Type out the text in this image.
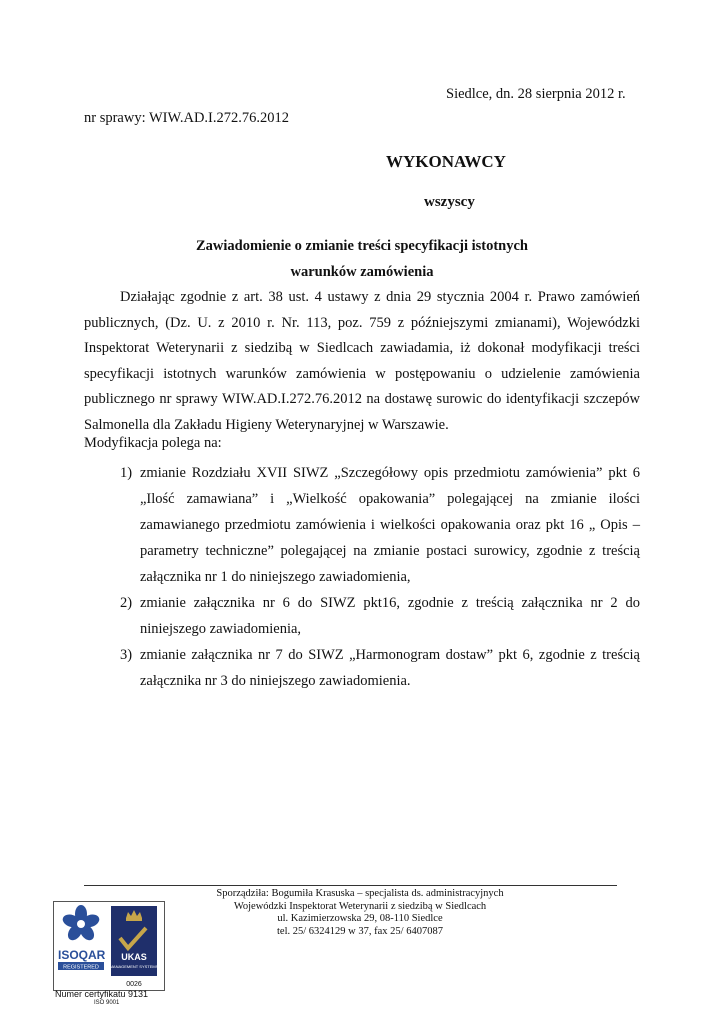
Siedlce, dn. 28 sierpnia 2012 r.
nr sprawy: WIW.AD.I.272.76.2012
WYKONAWCY
wszyscy
Zawiadomienie o zmianie treści specyfikacji istotnych
warunków zamówienia

Działając zgodnie z art. 38 ust. 4 ustawy z dnia 29 stycznia 2004 r. Prawo zamówień publicznych, (Dz. U. z 2010 r. Nr. 113, poz. 759 z późniejszymi zmianami), Wojewódzki Inspektorat Weterynarii z siedzibą w Siedlcach zawiadamia, iż dokonał modyfikacji treści specyfikacji istotnych warunków zamówienia w postępowaniu o udzielenie zamówienia publicznego nr sprawy WIW.AD.I.272.76.2012 na dostawę surowic do identyfikacji szczepów Salmonella dla Zakładu Higieny Weterynaryjnej w Warszawie.

Modyfikacja polega na:
1) zmianie Rozdziału XVII SIWZ „Szczegółowy opis przedmiotu zamówienia” pkt 6 „Ilość zamawiana” i „Wielkość opakowania” polegającej na zmianie ilości zamawianego przedmiotu zamówienia i wielkości opakowania oraz pkt 16 „ Opis – parametry techniczne” polegającej na zmianie postaci surowicy, zgodnie z treścią załącznika nr 1 do niniejszego zawiadomienia,
2) zmianie załącznika nr 6 do SIWZ pkt16, zgodnie z treścią załącznika nr 2 do niniejszego zawiadomienia,
3) zmianie załącznika nr 7 do SIWZ „Harmonogram dostaw” pkt 6, zgodnie z treścią załącznika nr 3 do niniejszego zawiadomienia.
Sporządziła: Bogumiła Krasuska – specjalista ds. administracyjnych
Wojewódzki Inspektorat Weterynarii z siedzibą w Siedlcach
ul. Kazimierzowska 29, 08-110 Siedlce
tel. 25/ 6324129 w 37, fax 25/ 6407087
ISOQAR
REGISTERED
UKAS
MANAGEMENT SYSTEMS
0026
Numer certyfikatu 9131
ISO 9001
